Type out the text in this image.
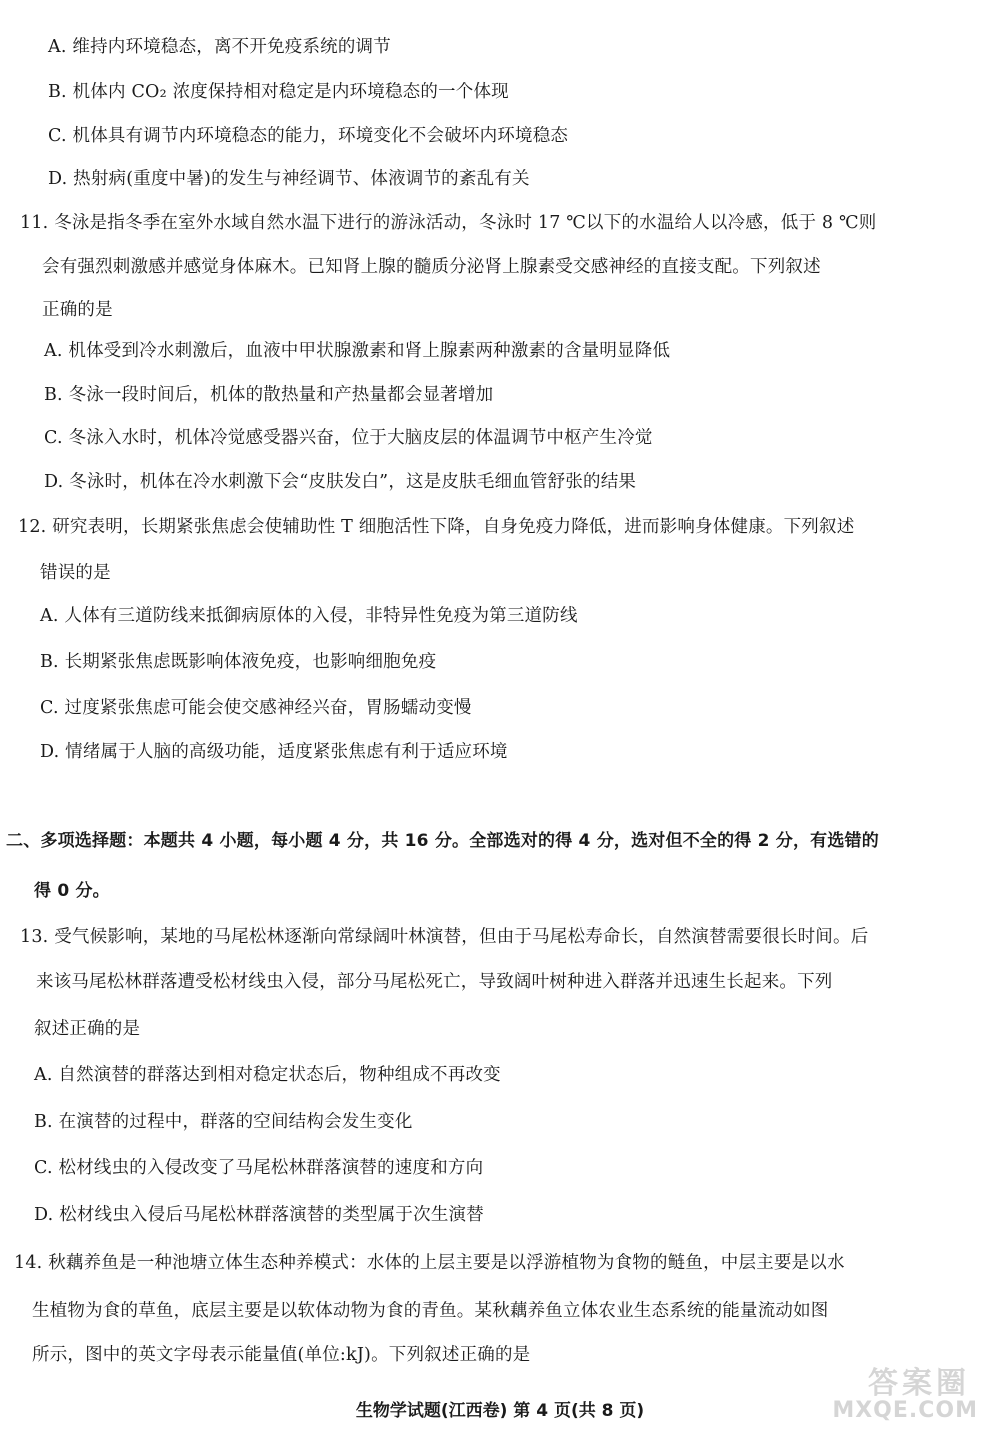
A. 维持内环境稳态，离不开免疫系统的调节
B. 机体内 CO₂ 浓度保持相对稳定是内环境稳态的一个体现
C. 机体具有调节内环境稳态的能力，环境变化不会破坏内环境稳态
D. 热射病(重度中暑)的发生与神经调节、体液调节的紊乱有关
11. 冬泳是指冬季在室外水域自然水温下进行的游泳活动，冬泳时 17 ℃以下的水温给人以冷感，低于 8 ℃则
会有强烈刺激感并感觉身体麻木。已知肾上腺的髓质分泌肾上腺素受交感神经的直接支配。下列叙述
正确的是
A. 机体受到冷水刺激后，血液中甲状腺激素和肾上腺素两种激素的含量明显降低
B. 冬泳一段时间后，机体的散热量和产热量都会显著增加
C. 冬泳入水时，机体冷觉感受器兴奋，位于大脑皮层的体温调节中枢产生冷觉
D. 冬泳时，机体在冷水刺激下会“皮肤发白”，这是皮肤毛细血管舒张的结果
12. 研究表明，长期紧张焦虑会使辅助性 T 细胞活性下降，自身免疫力降低，进而影响身体健康。下列叙述
错误的是
A. 人体有三道防线来抵御病原体的入侵，非特异性免疫为第三道防线
B. 长期紧张焦虑既影响体液免疫，也影响细胞免疫
C. 过度紧张焦虑可能会使交感神经兴奋，胃肠蠕动变慢
D. 情绪属于人脑的高级功能，适度紧张焦虑有利于适应环境
二、多项选择题：本题共 4 小题，每小题 4 分，共 16 分。全部选对的得 4 分，选对但不全的得 2 分，有选错的
得 0 分。
13. 受气候影响，某地的马尾松林逐渐向常绿阔叶林演替，但由于马尾松寿命长，自然演替需要很长时间。后
来该马尾松林群落遭受松材线虫入侵，部分马尾松死亡，导致阔叶树种进入群落并迅速生长起来。下列
叙述正确的是
A. 自然演替的群落达到相对稳定状态后，物种组成不再改变
B. 在演替的过程中，群落的空间结构会发生变化
C. 松材线虫的入侵改变了马尾松林群落演替的速度和方向
D. 松材线虫入侵后马尾松林群落演替的类型属于次生演替
14. 秋藕养鱼是一种池塘立体生态种养模式：水体的上层主要是以浮游植物为食物的鲢鱼，中层主要是以水
生植物为食的草鱼，底层主要是以软体动物为食的青鱼。某秋藕养鱼立体农业生态系统的能量流动如图
所示，图中的英文字母表示能量值(单位:kJ)。下列叙述正确的是
生物学试题(江西卷) 第 4 页(共 8 页)
答案圈
MXQE.COM
